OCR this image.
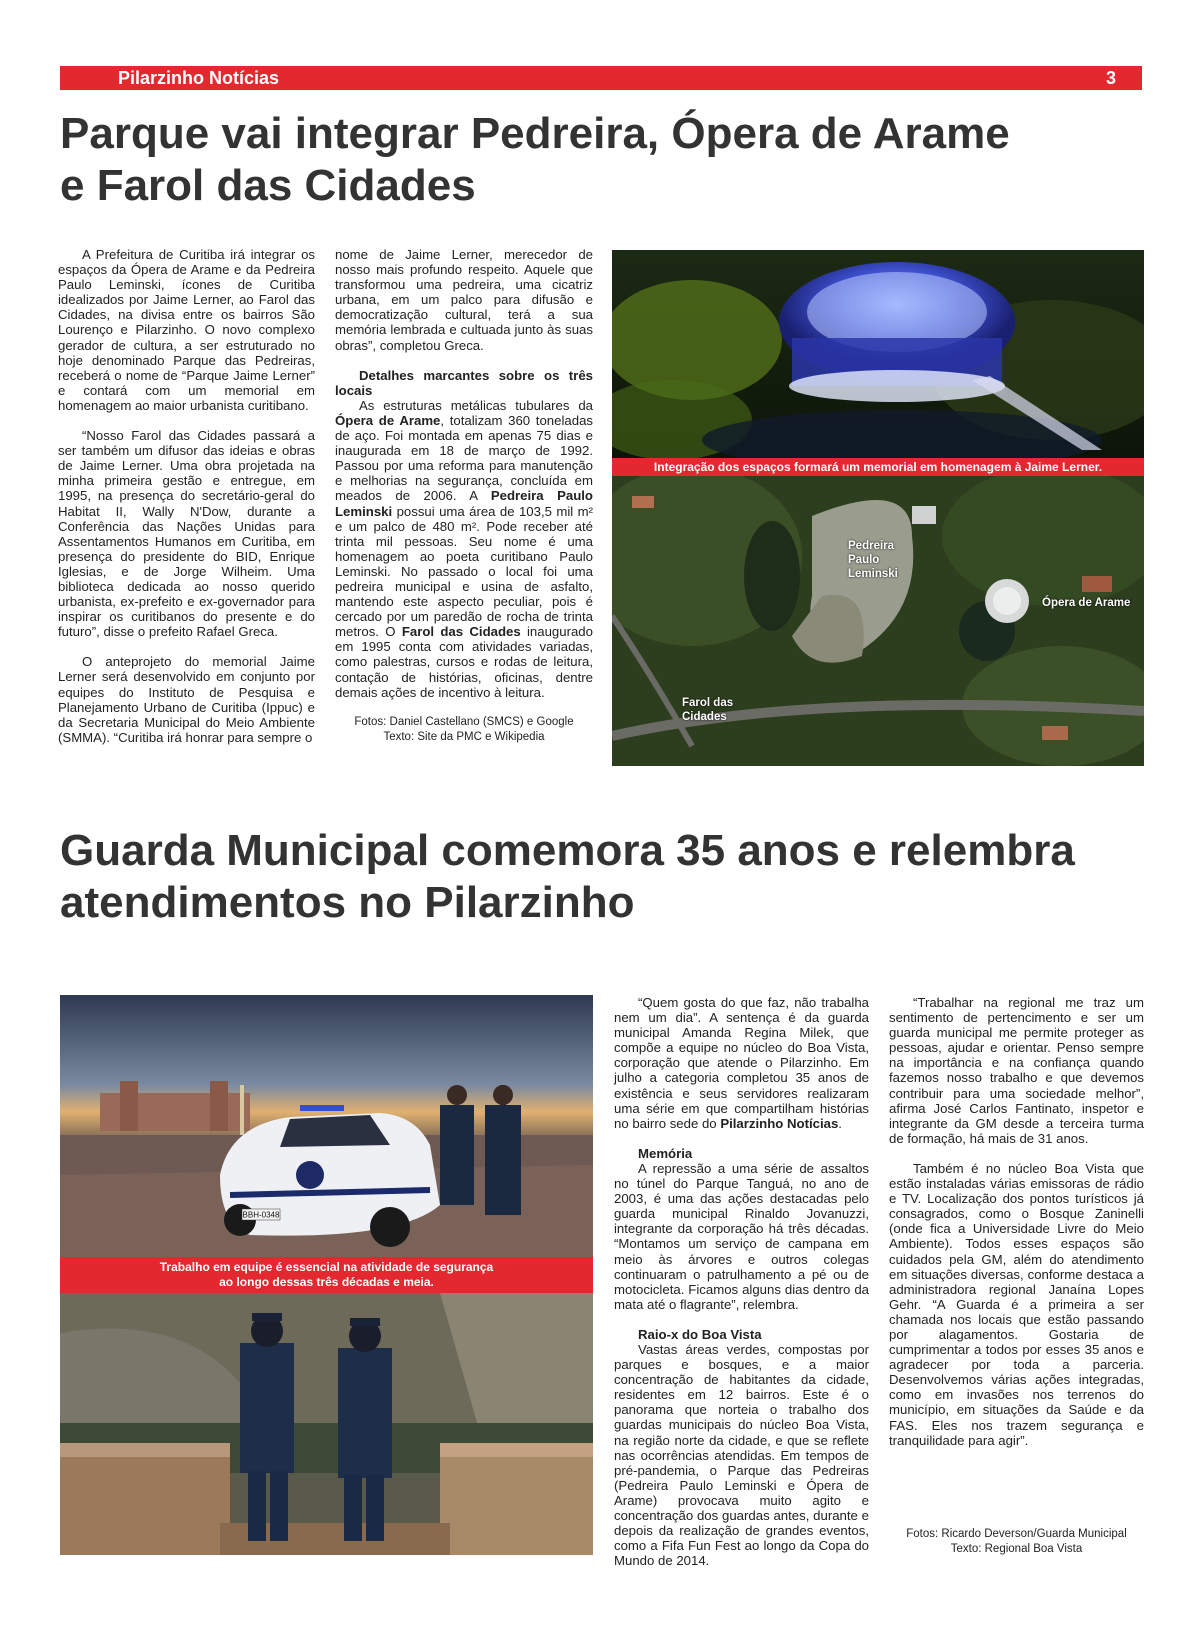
Pilarzinho Notícias	3
Parque vai integrar Pedreira, Ópera de Arame
e Farol das Cidades

A Prefeitura de Curitiba irá integrar os espaços da Ópera de Arame e da Pedreira Paulo Leminski, ícones de Curitiba idealizados por Jaime Lerner, ao Farol das Cidades, na divisa entre os bairros São Lourenço e Pilarzinho. O novo complexo gerador de cultura, a ser estruturado no hoje denominado Parque das Pedreiras, receberá o nome de “Parque Jaime Lerner” e contará com um memorial em homenagem ao maior urbanista curitibano.

“Nosso Farol das Cidades passará a ser também um difusor das ideias e obras de Jaime Lerner. Uma obra projetada na minha primeira gestão e entregue, em 1995, na presença do secretário-geral do Habitat II, Wally N'Dow, durante a Conferência das Nações Unidas para Assentamentos Humanos em Curitiba, em presença do presidente do BID, Enrique Iglesias, e de Jorge Wilheim. Uma biblioteca dedicada ao nosso querido urbanista, ex-prefeito e ex-governador para inspirar os curitibanos do presente e do futuro”, disse o prefeito Rafael Greca.

O anteprojeto do memorial Jaime Lerner será desenvolvido em conjunto por equipes do Instituto de Pesquisa e Planejamento Urbano de Curitiba (Ippuc) e da Secretaria Municipal do Meio Ambiente (SMMA). “Curitiba irá honrar para sempre o

nome de Jaime Lerner, merecedor de nosso mais profundo respeito. Aquele que transformou uma pedreira, uma cicatriz urbana, em um palco para difusão e democratização cultural, terá a sua memória lembrada e cultuada junto às suas obras”, completou Greca.

Detalhes marcantes sobre os três locais

As estruturas metálicas tubulares da Ópera de Arame, totalizam 360 toneladas de aço. Foi montada em apenas 75 dias e inaugurada em 18 de março de 1992. Passou por uma reforma para manutenção e melhorias na segurança, concluída em meados de 2006. A Pedreira Paulo Leminski possui uma área de 103,5 mil m² e um palco de 480 m². Pode receber até trinta mil pessoas. Seu nome é uma homenagem ao poeta curitibano Paulo Leminski. No passado o local foi uma pedreira municipal e usina de asfalto, mantendo este aspecto peculiar, pois é cercado por um paredão de rocha de trinta metros. O Farol das Cidades inaugurado em 1995 conta com atividades variadas, como palestras, cursos e rodas de leitura, contação de histórias, oficinas, dentre demais ações de incentivo à leitura.

Fotos: Daniel Castellano (SMCS) e Google
Texto: Site da PMC e Wikipedia
Integração dos espaços formará um memorial em homenagem à Jaime Lerner.
Pedreira Paulo Leminski
Ópera de Arame
Farol das Cidades
Guarda Municipal comemora 35 anos e relembra
atendimentos no Pilarzinho
BBH-0348
Trabalho em equipe é essencial na atividade de segurança
ao longo dessas três décadas e meia.

“Quem gosta do que faz, não trabalha nem um dia”. A sentença é da guarda municipal Amanda Regina Milek, que compõe a equipe no núcleo do Boa Vista, corporação que atende o Pilarzinho. Em julho a categoria completou 35 anos de existência e seus servidores realizaram uma série em que compartilham histórias no bairro sede do Pilarzinho Notícias.

Memória

A repressão a uma série de assaltos no túnel do Parque Tanguá, no ano de 2003, é uma das ações destacadas pelo guarda municipal Rinaldo Jovanuzzi, integrante da corporação há três décadas. “Montamos um serviço de campana em meio às árvores e outros colegas continuaram o patrulhamento a pé ou de motocicleta. Ficamos alguns dias dentro da mata até o flagrante”, relembra.

Raio-x do Boa Vista

Vastas áreas verdes, compostas por parques e bosques, e a maior concentração de habitantes da cidade, residentes em 12 bairros. Este é o panorama que norteia o trabalho dos guardas municipais do núcleo Boa Vista, na região norte da cidade, e que se reflete nas ocorrências atendidas. Em tempos de pré-pandemia, o Parque das Pedreiras (Pedreira Paulo Leminski e Ópera de Arame) provocava muito agito e concentração dos guardas antes, durante e depois da realização de grandes eventos, como a Fifa Fun Fest ao longo da Copa do Mundo de 2014.

“Trabalhar na regional me traz um sentimento de pertencimento e ser um guarda municipal me permite proteger as pessoas, ajudar e orientar. Penso sempre na importância e na confiança quando fazemos nosso trabalho e que devemos contribuir para uma sociedade melhor”, afirma José Carlos Fantinato, inspetor e integrante da GM desde a terceira turma de formação, há mais de 31 anos.

Também é no núcleo Boa Vista que estão instaladas várias emissoras de rádio e TV. Localização dos pontos turísticos já consagrados, como o Bosque Zaninelli (onde fica a Universidade Livre do Meio Ambiente). Todos esses espaços são cuidados pela GM, além do atendimento em situações diversas, conforme destaca a administradora regional Janaína Lopes Gehr. “A Guarda é a primeira a ser chamada nos locais que estão passando por alagamentos. Gostaria de cumprimentar a todos por esses 35 anos e agradecer por toda a parceria. Desenvolvemos várias ações integradas, como em invasões nos terrenos do município, em situações da Saúde e da FAS. Eles nos trazem segurança e tranquilidade para agir”.

Fotos: Ricardo Deverson/Guarda Municipal
Texto: Regional Boa Vista
